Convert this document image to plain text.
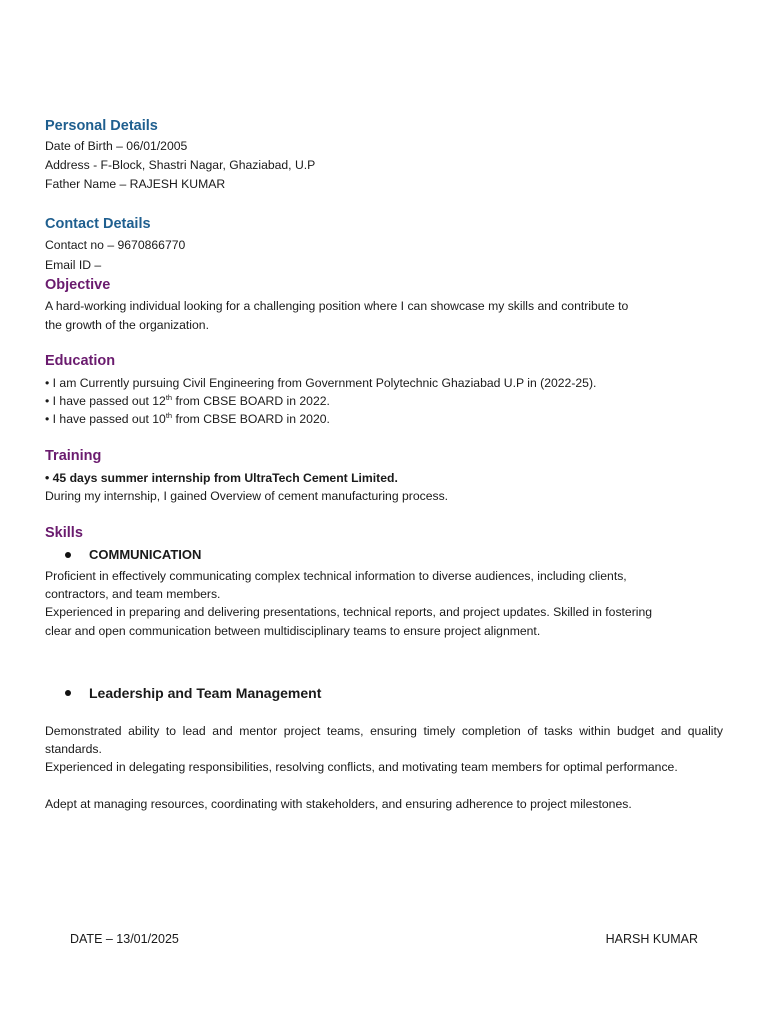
Personal Details

Date of Birth – 06/01/2005

Address - F-Block, Shastri Nagar, Ghaziabad, U.P

Father Name – RAJESH KUMAR

Contact Details

Contact no – 9670866770

Email ID –

Objective

A hard-working individual looking for a challenging position where I can showcase my skills and contribute to

the growth of the organization.

Education

• I am Currently pursuing Civil Engineering from Government Polytechnic Ghaziabad U.P in (2022-25).

• I have passed out 12th from CBSE BOARD in 2022.

• I have passed out 10th from CBSE BOARD in 2020.

Training

• 45 days summer internship from UltraTech Cement Limited.

During my internship, I gained Overview of cement manufacturing process.

Skills

COMMUNICATION

Proficient in effectively communicating complex technical information to diverse audiences, including clients,

contractors, and team members.

Experienced in preparing and delivering presentations, technical reports, and project updates. Skilled in fostering

clear and open communication between multidisciplinary teams to ensure project alignment.

Leadership and Team Management

Demonstrated ability to lead and mentor project teams, ensuring timely completion of tasks within budget and quality standards.

Experienced in delegating responsibilities, resolving conflicts, and motivating team members for optimal performance.

Adept at managing resources, coordinating with stakeholders, and ensuring adherence to project milestones.

DATE – 13/01/2025	HARSH KUMAR
